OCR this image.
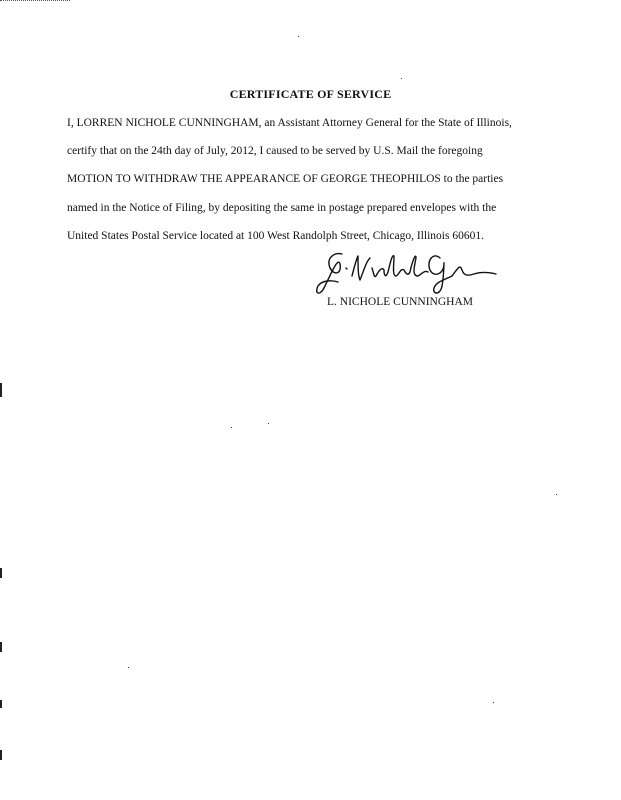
CERTIFICATE OF SERVICE
I, LORREN NICHOLE CUNNINGHAM, an Assistant Attorney General for the State of Illinois,
certify that on the 24th day of July, 2012, I caused to be served by U.S. Mail the foregoing
MOTION TO WITHDRAW THE APPEARANCE OF GEORGE THEOPHILOS to the parties
named in the Notice of Filing, by depositing the same in postage prepared envelopes with the
United States Postal Service located at 100 West Randolph Street, Chicago, Illinois 60601.
L. NICHOLE CUNNINGHAM
